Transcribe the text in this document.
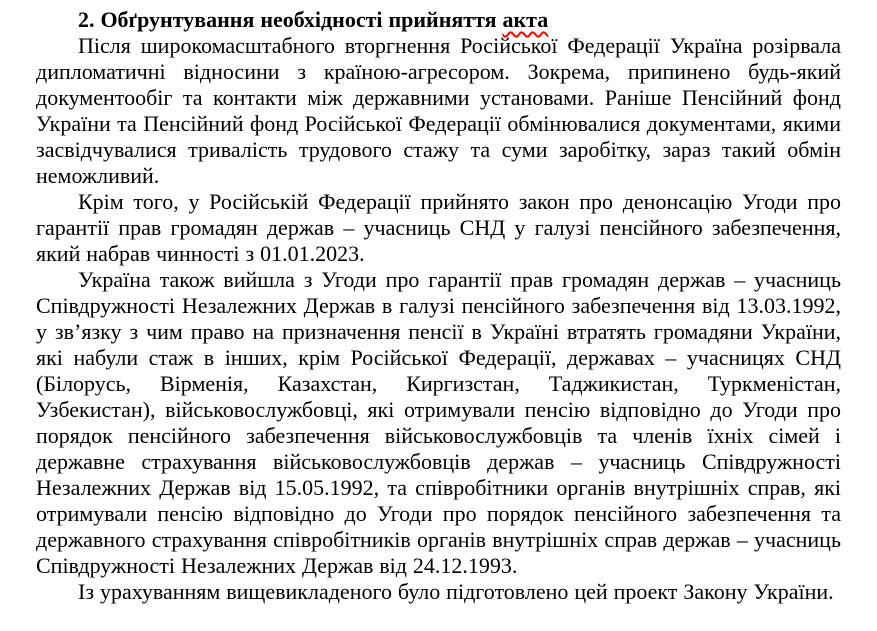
2. Обґрунтування необхідності прийняття акта

Після широкомасштабного вторгнення Російської Федерації Україна розірвала дипломатичні відносини з країною-агресором. Зокрема, припинено будь-який документообіг та контакти між державними установами. Раніше Пенсійний фонд України та Пенсійний фонд Російської Федерації обмінювалися документами, якими засвідчувалися тривалість трудового стажу та суми заробітку, зараз такий обмін неможливий.

Крім того, у Російській Федерації прийнято закон про денонсацію Угоди про гарантії прав громадян держав – учасниць СНД у галузі пенсійного забезпечення, який набрав чинності з 01.01.2023.

Україна також вийшла з Угоди про гарантії прав громадян держав – учасниць Співдружності Незалежних Держав в галузі пенсійного забезпечення від 13.03.1992, у зв’язку з чим право на призначення пенсії в Україні втратять громадяни України, які набули стаж в інших, крім Російської Федерації, державах – учасницях СНД (Білорусь, Вірменія, Казахстан, Киргизстан, Таджикистан, Туркменістан, Узбекистан), військовослужбовці, які отримували пенсію відповідно до Угоди про порядок пенсійного забезпечення військовослужбовців та членів їхніх сімей і державне страхування військовослужбовців держав – учасниць Співдружності Незалежних Держав від 15.05.1992, та співробітники органів внутрішніх справ, які отримували пенсію відповідно до Угоди про порядок пенсійного забезпечення та державного страхування співробітників органів внутрішніх справ держав – учасниць Співдружності Незалежних Держав від 24.12.1993.

Із урахуванням вищевикладеного було підготовлено цей проект Закону України.
